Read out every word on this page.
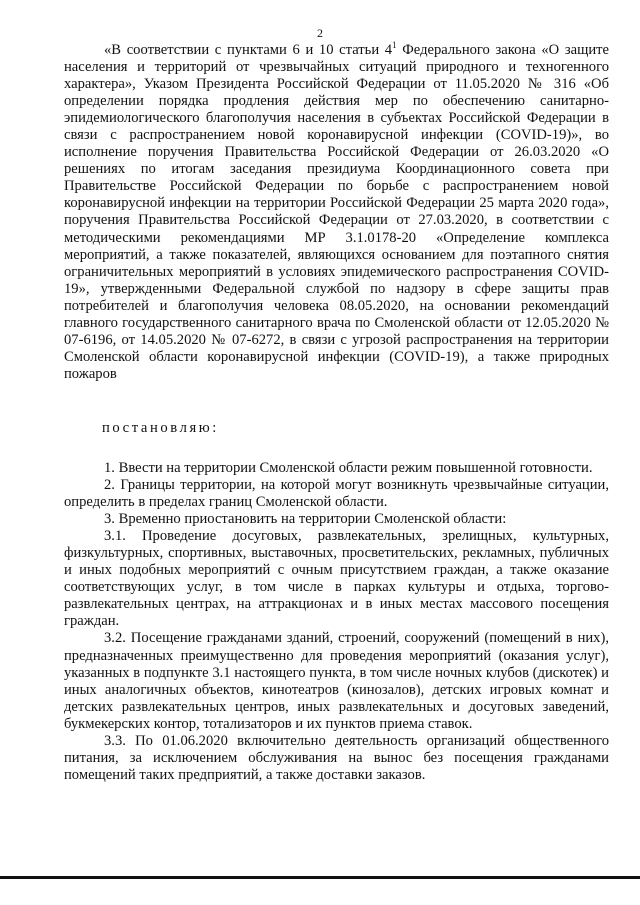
2

«В соответствии с пунктами 6 и 10 статьи $4^1$ Федерального закона «О защите населения и территорий от чрезвычайных ситуаций природного и техногенного характера», Указом Президента Российской Федерации от 11.05.2020 № 316 «Об определении порядка продления действия мер по обеспечению санитарно-эпидемиологического благополучия населения в субъектах Российской Федерации в связи с распространением новой коронавирусной инфекции (COVID-19)», во исполнение поручения Правительства Российской Федерации от 26.03.2020 «О решениях по итогам заседания президиума Координационного совета при Правительстве Российской Федерации по борьбе с распространением новой коронавирусной инфекции на территории Российской Федерации 25 марта 2020 года», поручения Правительства Российской Федерации от 27.03.2020, в соответствии с методическими рекомендациями МР 3.1.0178-20 «Определение комплекса мероприятий, а также показателей, являющихся основанием для поэтапного снятия ограничительных мероприятий в условиях эпидемического распространения COVID-19», утвержденными Федеральной службой по надзору в сфере защиты прав потребителей и благополучия человека 08.05.2020, на основании рекомендаций главного государственного санитарного врача по Смоленской области от 12.05.2020 № 07-6196, от 14.05.2020 № 07-6272, в связи с угрозой распространения на территории Смоленской области коронавирусной инфекции (COVID-19), а также природных пожаров

постановляю:

1. Ввести на территории Смоленской области режим повышенной готовности.

2. Границы территории, на которой могут возникнуть чрезвычайные ситуации, определить в пределах границ Смоленской области.

3. Временно приостановить на территории Смоленской области:

3.1. Проведение досуговых, развлекательных, зрелищных, культурных, физкультурных, спортивных, выставочных, просветительских, рекламных, публичных и иных подобных мероприятий с очным присутствием граждан, а также оказание соответствующих услуг, в том числе в парках культуры и отдыха, торгово-развлекательных центрах, на аттракционах и в иных местах массового посещения граждан.

3.2. Посещение гражданами зданий, строений, сооружений (помещений в них), предназначенных преимущественно для проведения мероприятий (оказания услуг), указанных в подпункте 3.1 настоящего пункта, в том числе ночных клубов (дискотек) и иных аналогичных объектов, кинотеатров (кинозалов), детских игровых комнат и детских развлекательных центров, иных развлекательных и досуговых заведений, букмекерских контор, тотализаторов и их пунктов приема ставок.

3.3. По 01.06.2020 включительно деятельность организаций общественного питания, за исключением обслуживания на вынос без посещения гражданами помещений таких предприятий, а также доставки заказов.
